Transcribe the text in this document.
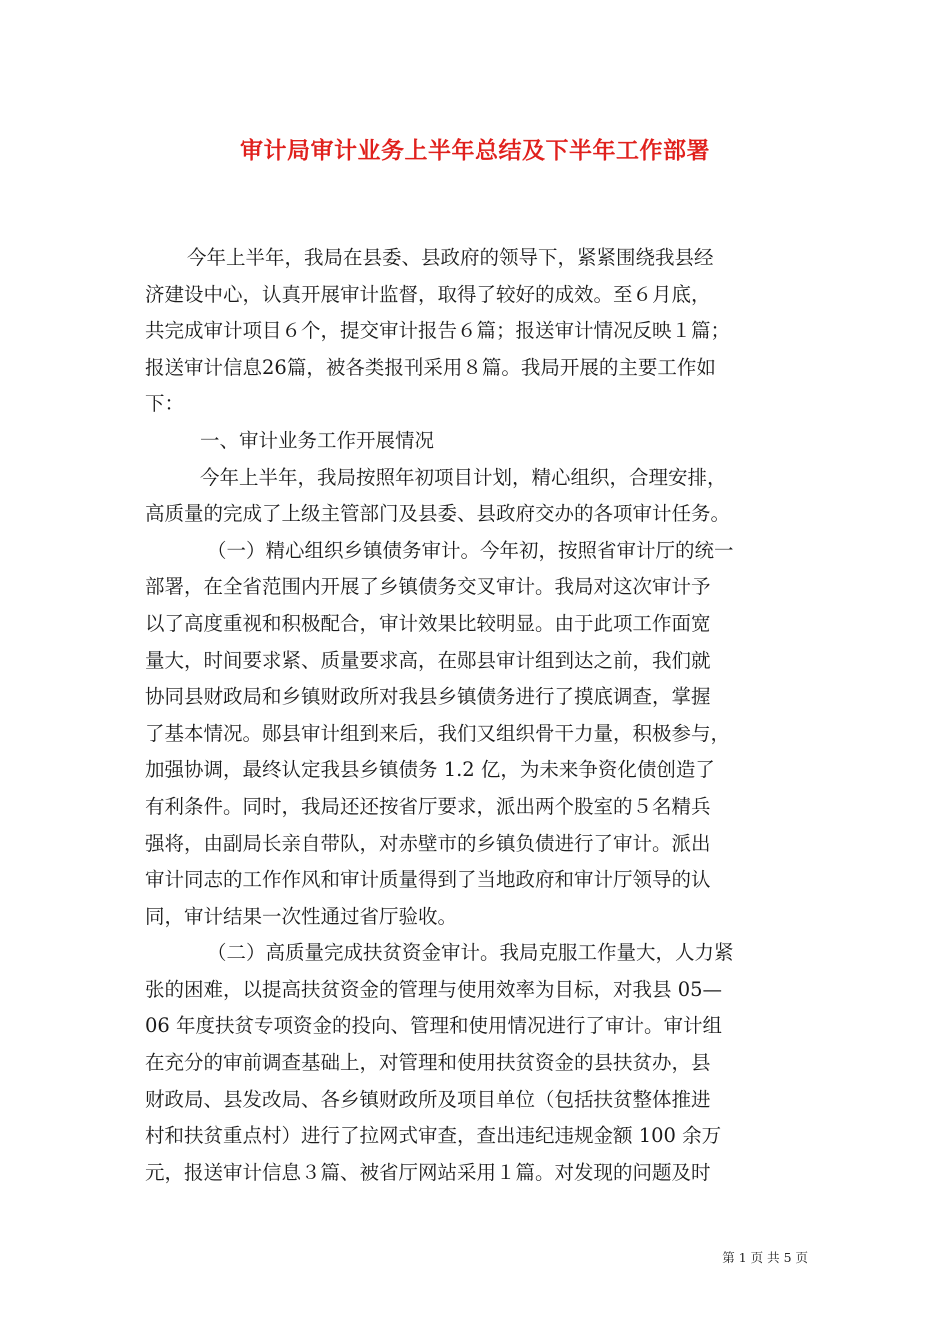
审计局审计业务上半年总结及下半年工作部署
今年上半年，我局在县委、县政府的领导下，紧紧围绕我县经
济建设中心，认真开展审计监督，取得了较好的成效。至６月底，
共完成审计项目６个，提交审计报告６篇；报送审计情况反映１篇；
报送审计信息26篇，被各类报刊采用８篇。我局开展的主要工作如
下：
一、审计业务工作开展情况
今年上半年，我局按照年初项目计划，精心组织，合理安排，
高质量的完成了上级主管部门及县委、县政府交办的各项审计任务。
（一）精心组织乡镇债务审计。今年初，按照省审计厅的统一
部署，在全省范围内开展了乡镇债务交叉审计。我局对这次审计予
以了高度重视和积极配合，审计效果比较明显。由于此项工作面宽
量大，时间要求紧、质量要求高，在郧县审计组到达之前，我们就
协同县财政局和乡镇财政所对我县乡镇债务进行了摸底调查，掌握
了基本情况。郧县审计组到来后，我们又组织骨干力量，积极参与，
加强协调，最终认定我县乡镇债务 1.2 亿，为未来争资化债创造了
有利条件。同时，我局还还按省厅要求，派出两个股室的５名精兵
强将，由副局长亲自带队，对赤壁市的乡镇负债进行了审计。派出
审计同志的工作作风和审计质量得到了当地政府和审计厅领导的认
同，审计结果一次性通过省厅验收。
（二）高质量完成扶贫资金审计。我局克服工作量大，人力紧
张的困难，以提高扶贫资金的管理与使用效率为目标，对我县 05—
06 年度扶贫专项资金的投向、管理和使用情况进行了审计。审计组
在充分的审前调查基础上，对管理和使用扶贫资金的县扶贫办，县
财政局、县发改局、各乡镇财政所及项目单位（包括扶贫整体推进
村和扶贫重点村）进行了拉网式审查，查出违纪违规金额 100 余万
元，报送审计信息３篇、被省厅网站采用１篇。对发现的问题及时
第 1 页 共 5 页
